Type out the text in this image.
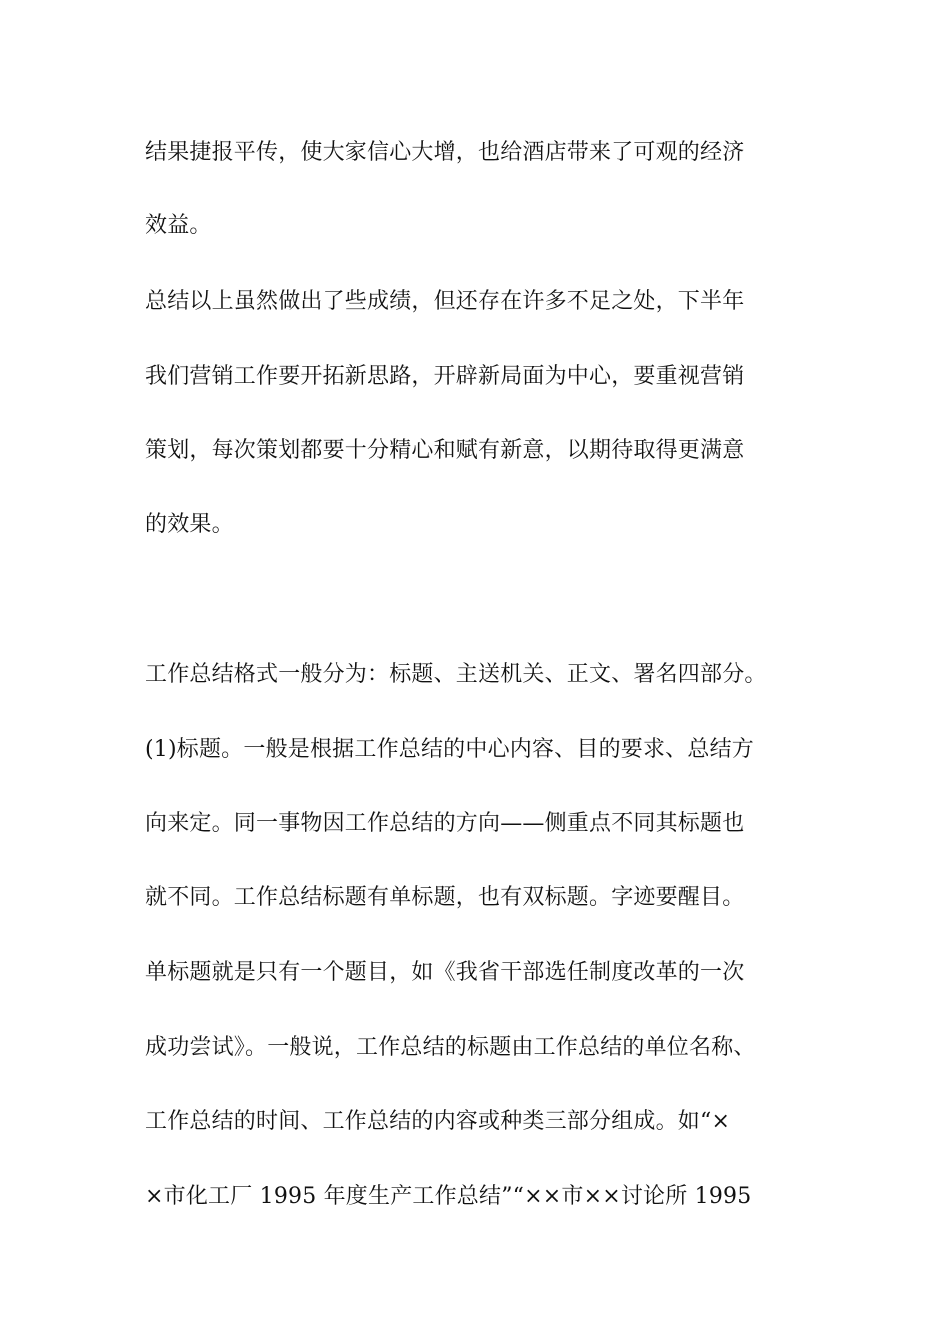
结果捷报平传，使大家信心大增，也给酒店带来了可观的经济
效益。
总结以上虽然做出了些成绩，但还存在许多不足之处，下半年
我们营销工作要开拓新思路，开辟新局面为中心，要重视营销
策划，每次策划都要十分精心和赋有新意，以期待取得更满意
的效果。
工作总结格式一般分为：标题、主送机关、正文、署名四部分。
(1)标题。一般是根据工作总结的中心内容、目的要求、总结方
向来定。同一事物因工作总结的方向——侧重点不同其标题也
就不同。工作总结标题有单标题，也有双标题。字迹要醒目。
单标题就是只有一个题目，如《我省干部选任制度改革的一次
成功尝试》。一般说，工作总结的标题由工作总结的单位名称、
工作总结的时间、工作总结的内容或种类三部分组成。如“×
×市化工厂 1995 年度生产工作总结”“××市××讨论所 1995
